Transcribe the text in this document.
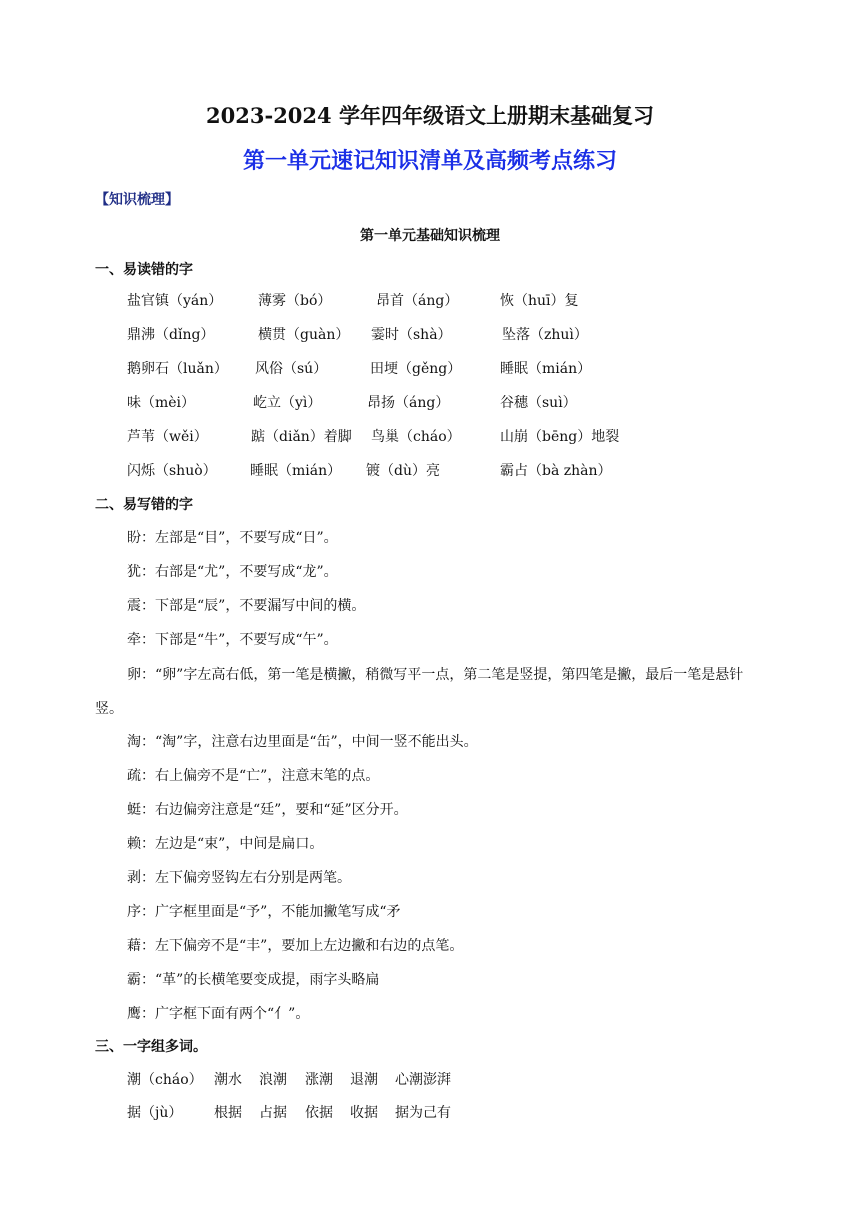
2023-2024 学年四年级语文上册期末基础复习
第一单元速记知识清单及高频考点练习
【知识梳理】
第一单元基础知识梳理
一、易读错的字
盐官镇（yán）	薄雾（bó）	昂首（áng）	恢（huī）复
鼎沸（dǐng）	横贯（guàn） 霎时（shà）	坠落（zhuì）
鹅卵石（luǎn） 风俗（sú）	田埂（gěng）	睡眠（mián）
味（mèi）	屹立（yì）	昂扬（áng）	谷穗（suì）
芦苇（wěi）	踮（diǎn）着脚 鸟巢（cháo）	山崩（bēng）地裂
闪烁（shuò） 睡眠（mián） 镀（dù）亮	霸占（bà zhàn）
二、易写错的字
盼：左部是“目”，不要写成“日”。
犹：右部是“尤”，不要写成“龙”。
震：下部是“辰”，不要漏写中间的横。
牵：下部是“牛”，不要写成“午”。
卵：“卵”字左高右低，第一笔是横撇，稍微写平一点，第二笔是竖提，第四笔是撇，最后一笔是悬针竖。
淘：“淘”字，注意右边里面是“缶”，中间一竖不能出头。
疏：右上偏旁不是“亡”，注意末笔的点。
蜓：右边偏旁注意是“廷”，要和“延”区分开。
赖：左边是“束”，中间是扁口。
剥：左下偏旁竖钩左右分别是两笔。
序：广字框里面是“予”，不能加撇笔写成“矛
藉：左下偏旁不是“丰”，要加上左边撇和右边的点笔。
霸：“革”的长横笔要变成提，雨字头略扁
鹰：广字框下面有两个“亻”。
三、一字组多词。
潮（cháo） 潮水 浪潮 涨潮 退潮 心潮澎湃
据（jù） 根据 占据 依据 收据 据为己有
